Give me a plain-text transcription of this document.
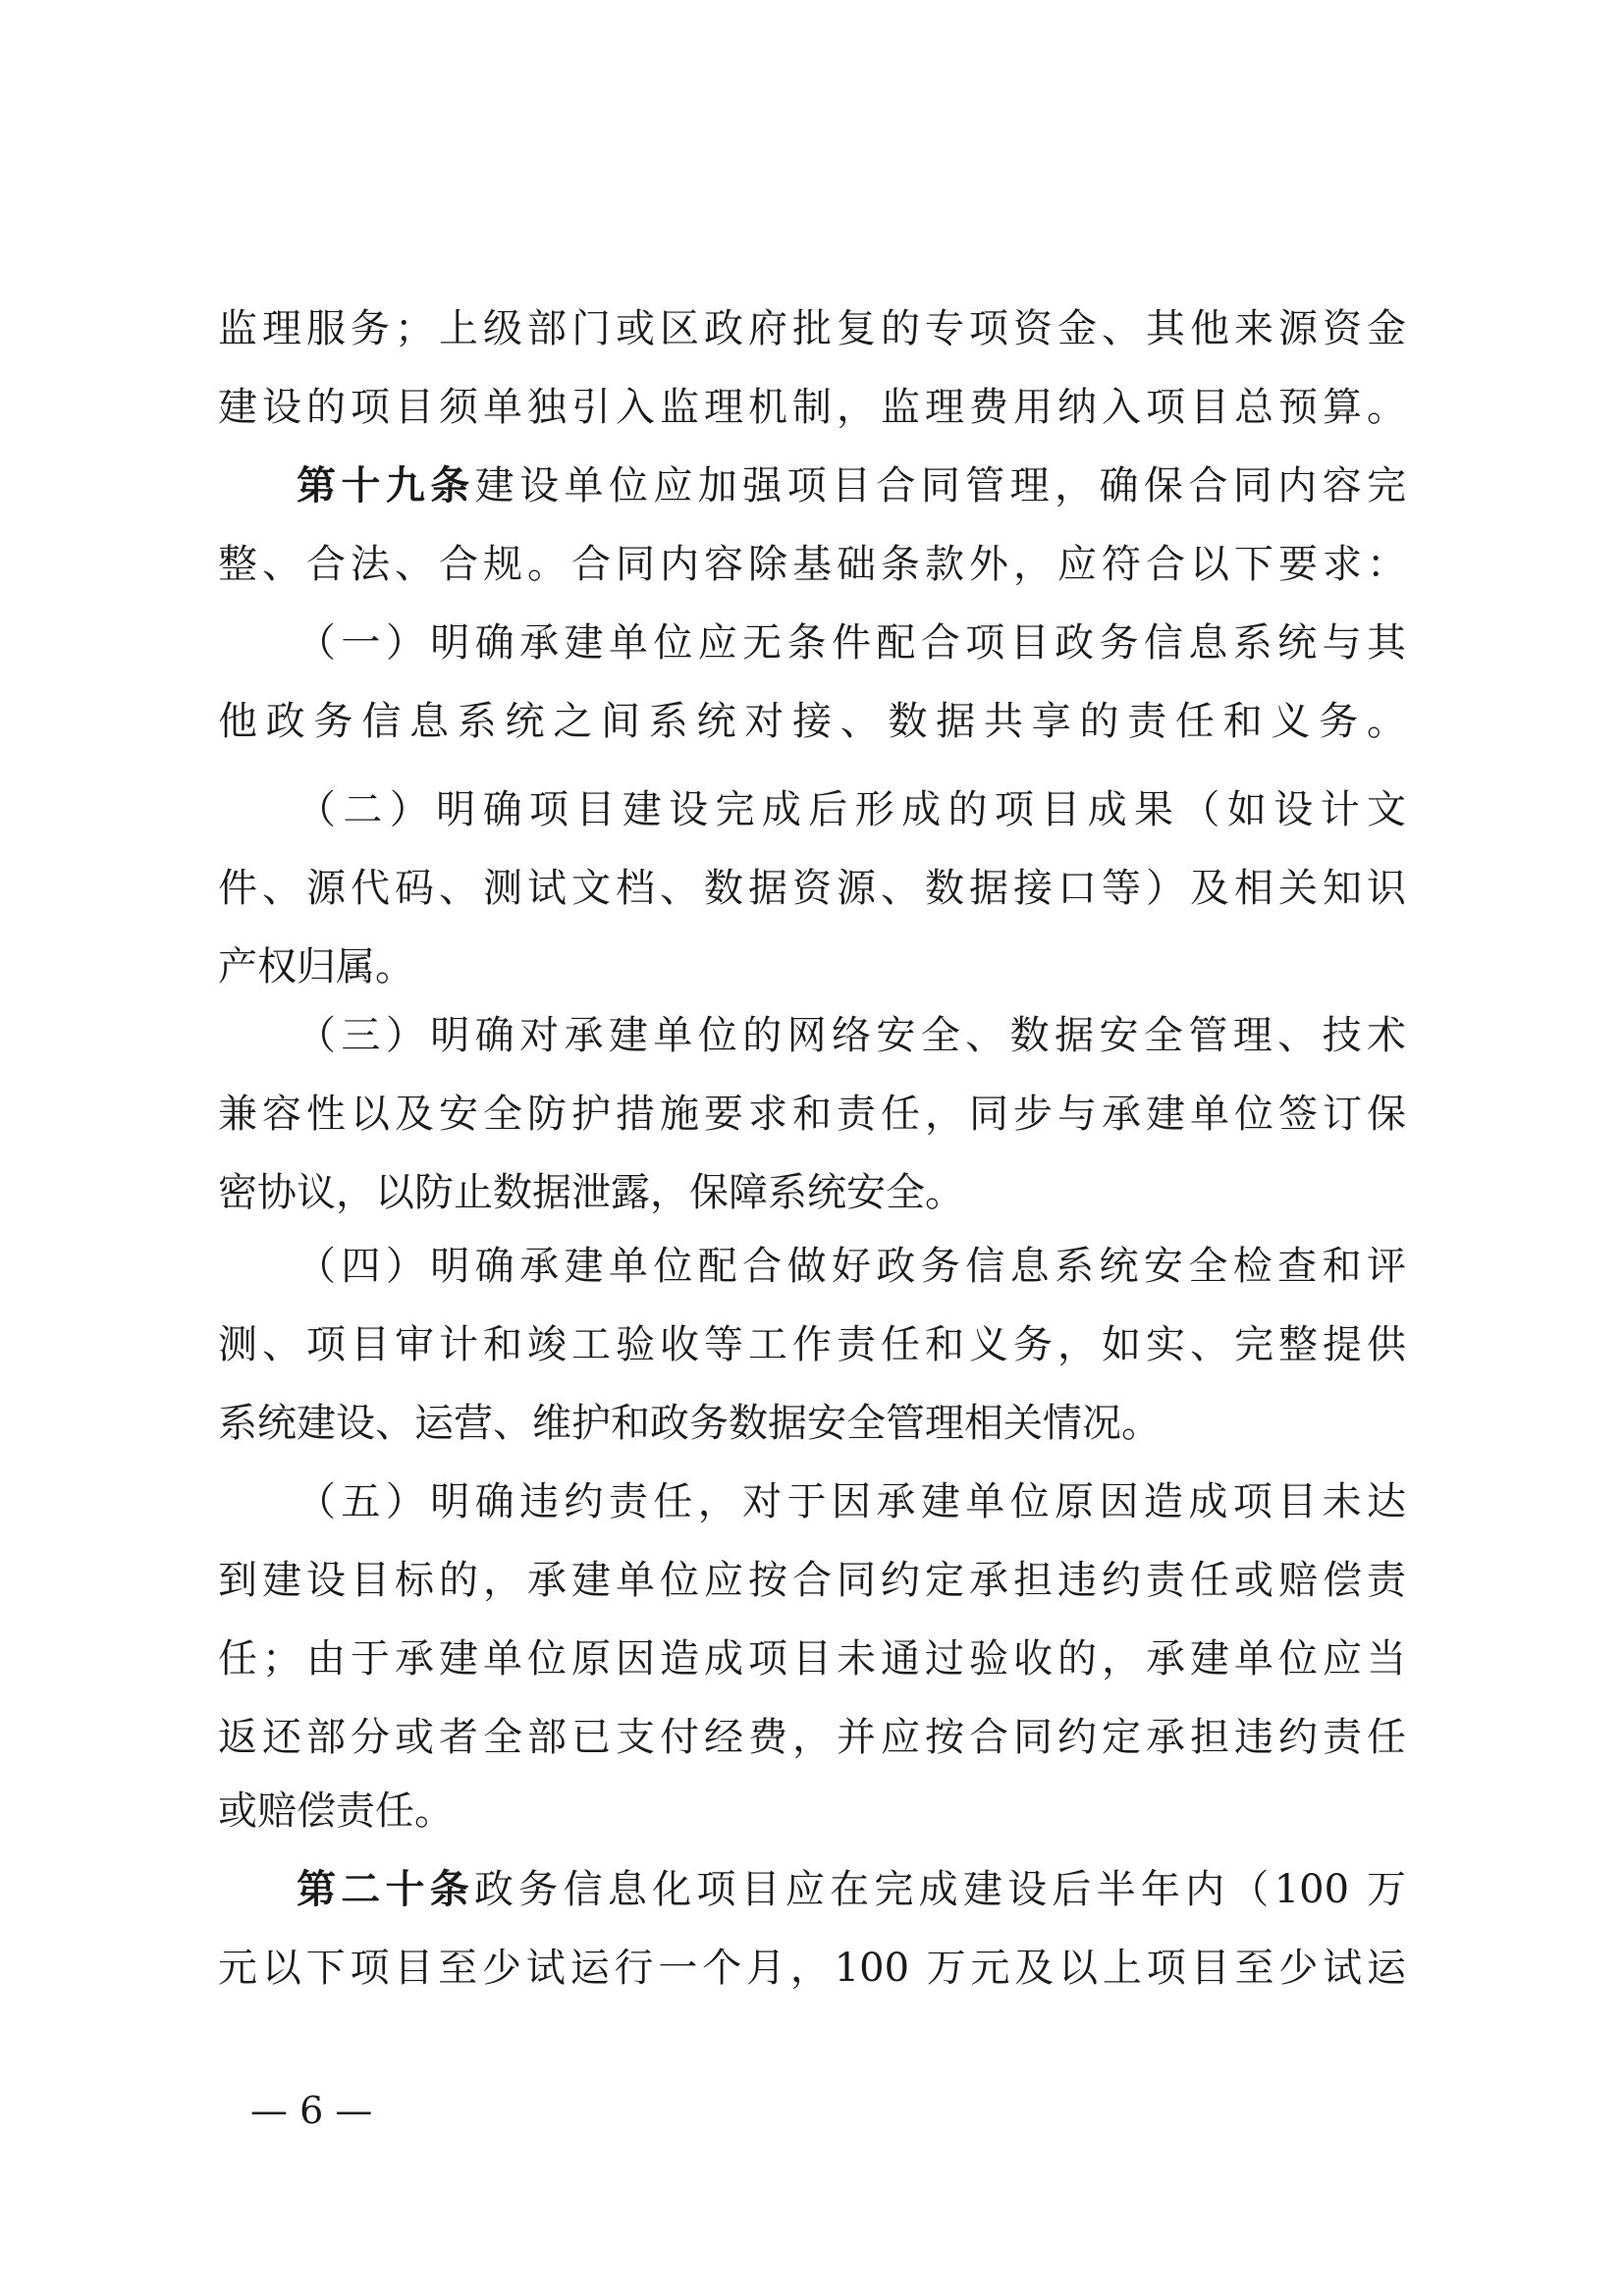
监理服务；上级部门或区政府批复的专项资金、其他来源资金
建设的项目须单独引入监理机制，监理费用纳入项目总预算。
第十九条建设单位应加强项目合同管理，确保合同内容完
整、合法、合规。合同内容除基础条款外，应符合以下要求：
（一）明确承建单位应无条件配合项目政务信息系统与其
他政务信息系统之间系统对接、数据共享的责任和义务。
（二）明确项目建设完成后形成的项目成果（如设计文
件、源代码、测试文档、数据资源、数据接口等）及相关知识
产权归属。
（三）明确对承建单位的网络安全、数据安全管理、技术
兼容性以及安全防护措施要求和责任，同步与承建单位签订保
密协议，以防止数据泄露，保障系统安全。
（四）明确承建单位配合做好政务信息系统安全检查和评
测、项目审计和竣工验收等工作责任和义务，如实、完整提供
系统建设、运营、维护和政务数据安全管理相关情况。
（五）明确违约责任，对于因承建单位原因造成项目未达
到建设目标的，承建单位应按合同约定承担违约责任或赔偿责
任；由于承建单位原因造成项目未通过验收的，承建单位应当
返还部分或者全部已支付经费，并应按合同约定承担违约责任
或赔偿责任。
第二十条政务信息化项目应在完成建设后半年内（100 万
元以下项目至少试运行一个月，100 万元及以上项目至少试运
— 6 —
